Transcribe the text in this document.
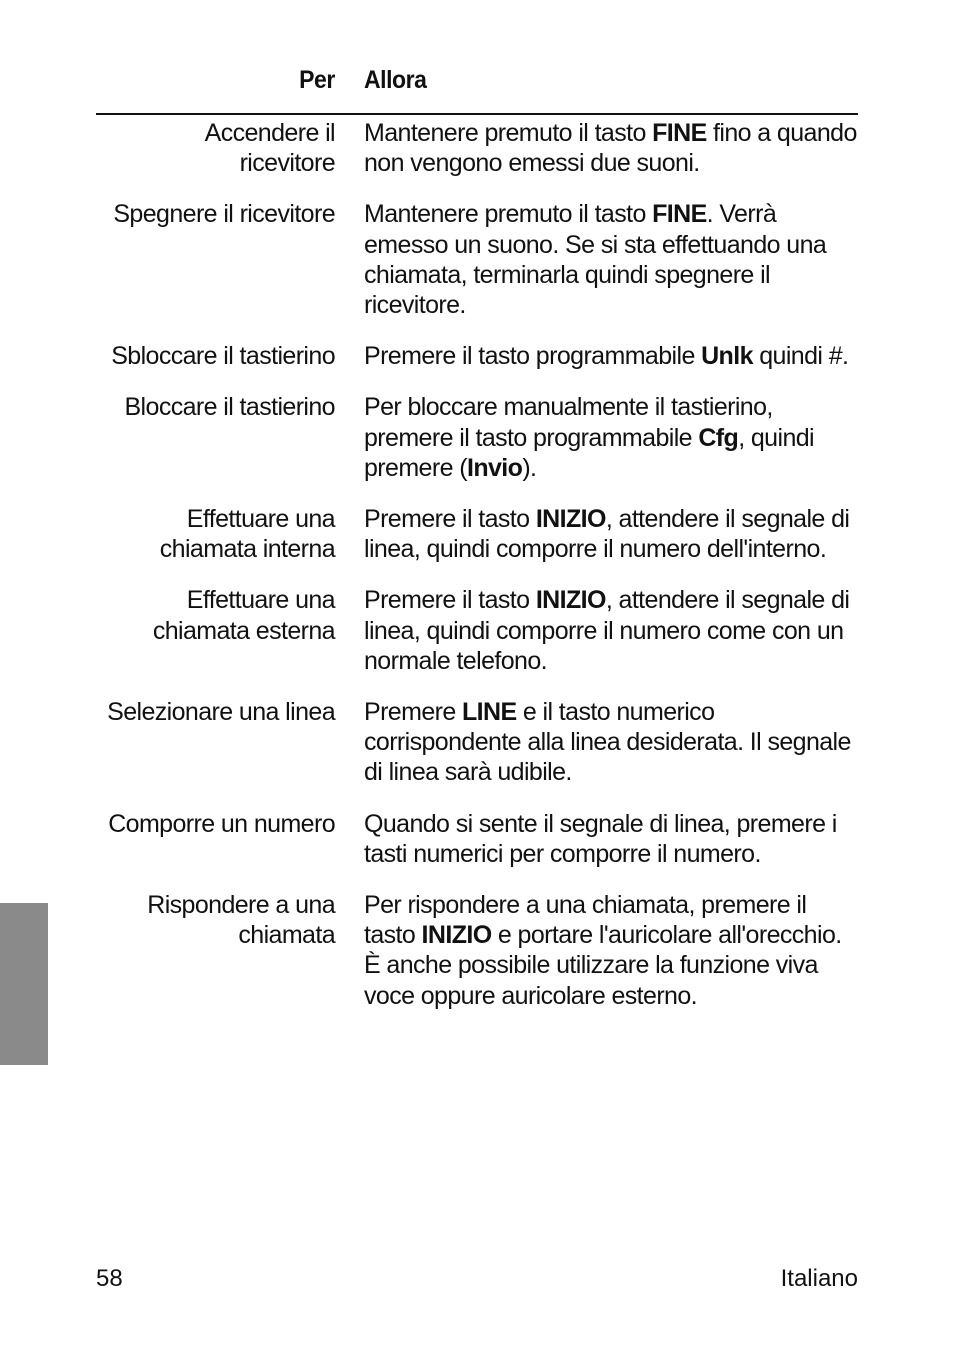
Per Allora
Accendere il
ricevitore
Mantenere premuto il tasto FINE fino a quando non vengono emessi due suoni.
Spegnere il ricevitore Mantenere premuto il tasto FINE. Verrà emesso un suono. Se si sta effettuando una chiamata, terminarla quindi spegnere il ricevitore.
Sbloccare il tastierino Premere il tasto programmabile Unlk quindi #.
Bloccare il tastierino Per bloccare manualmente il tastierino, premere il tasto programmabile Cfg, quindi premere (Invio).
Effettuare una
chiamata interna
Premere il tasto INIZIO, attendere il segnale di linea, quindi comporre il numero dell'interno.
Effettuare una
chiamata esterna
Premere il tasto INIZIO, attendere il segnale di linea, quindi comporre il numero come con un normale telefono.
Selezionare una linea Premere LINE e il tasto numerico corrispondente alla linea desiderata. Il segnale di linea sarà udibile.
Comporre un numero Quando si sente il segnale di linea, premere i tasti numerici per comporre il numero.
Rispondere a una
chiamata
Per rispondere a una chiamata, premere il tasto INIZIO e portare l'auricolare all'orecchio. È anche possibile utilizzare la funzione viva voce oppure auricolare esterno.
58	Italiano
